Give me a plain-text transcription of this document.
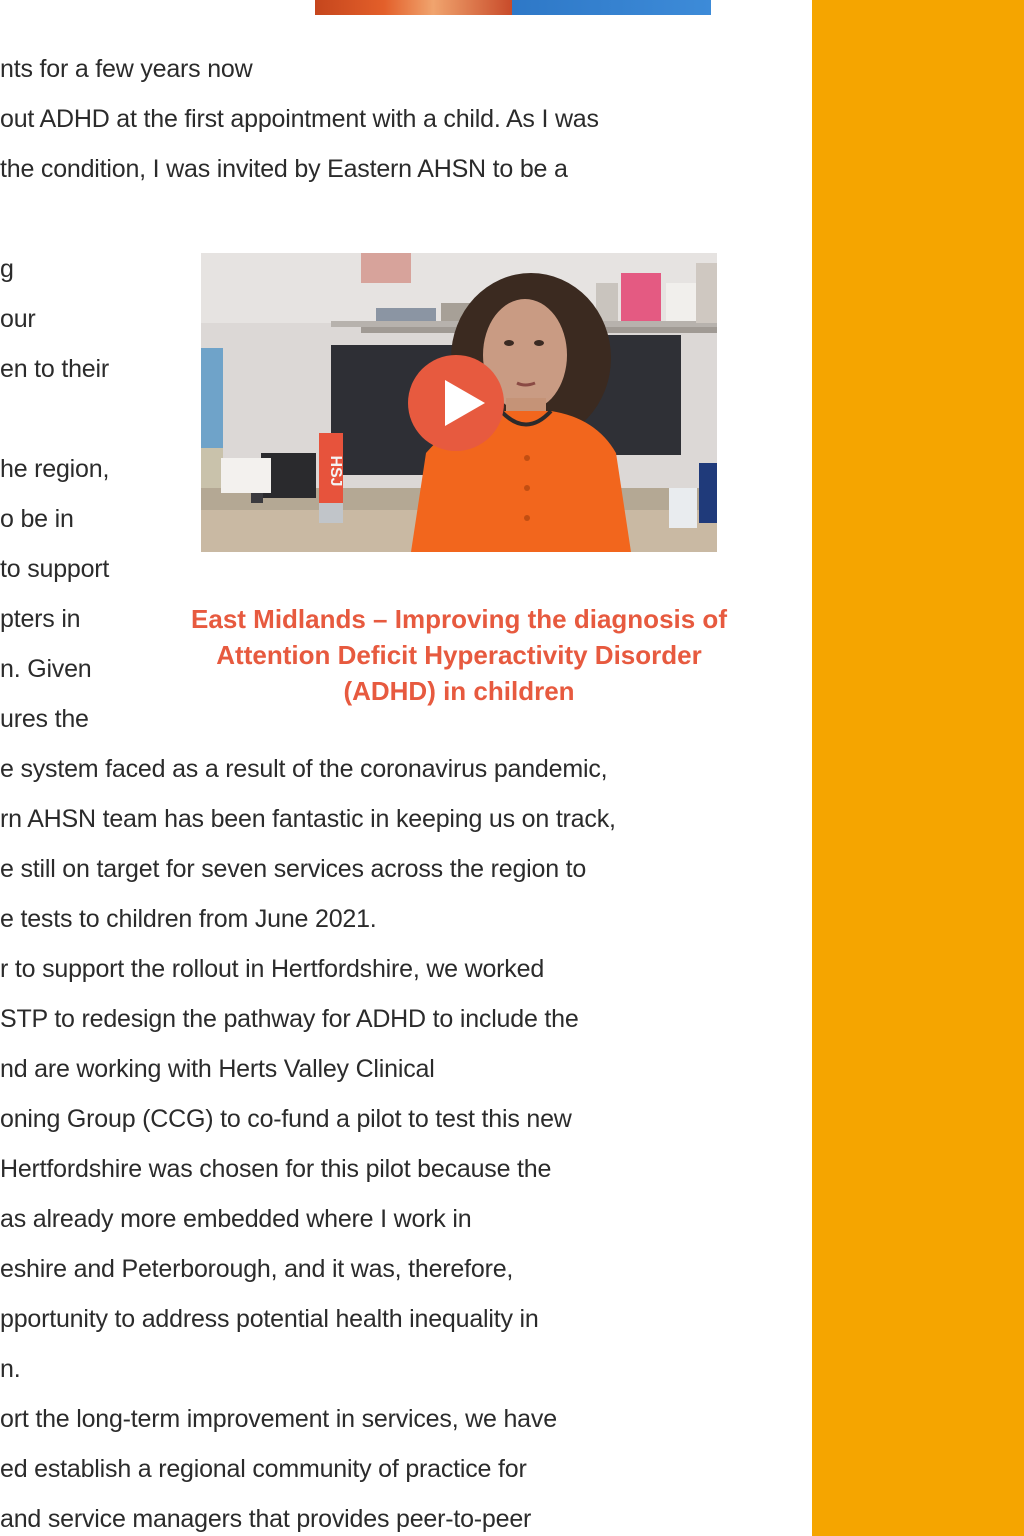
nts for a few years now
out ADHD at the first appointment with a child. As I was
the condition, I was invited by Eastern AHSN to be a
g
our
en to their
he region,
o be in
to support
pters in
n. Given
ures the
e system faced as a result of the coronavirus pandemic,
rn AHSN team has been fantastic in keeping us on track,
e still on target for seven services across the region to
e tests to children from June 2021.
r to support the rollout in Hertfordshire, we worked
STP to redesign the pathway for ADHD to include the
nd are working with Herts Valley Clinical
oning Group (CCG) to co-fund a pilot to test this new
Hertfordshire was chosen for this pilot because the
as already more embedded where I work in
eshire and Peterborough, and it was, therefore,
pportunity to address potential health inequality in
n.
ort the long-term improvement in services, we have
ed establish a regional community of practice for
and service managers that provides peer-to-peer
HSJ
East Midlands – Improving the diagnosis of Attention Deficit Hyperactivity Disorder (ADHD) in children
